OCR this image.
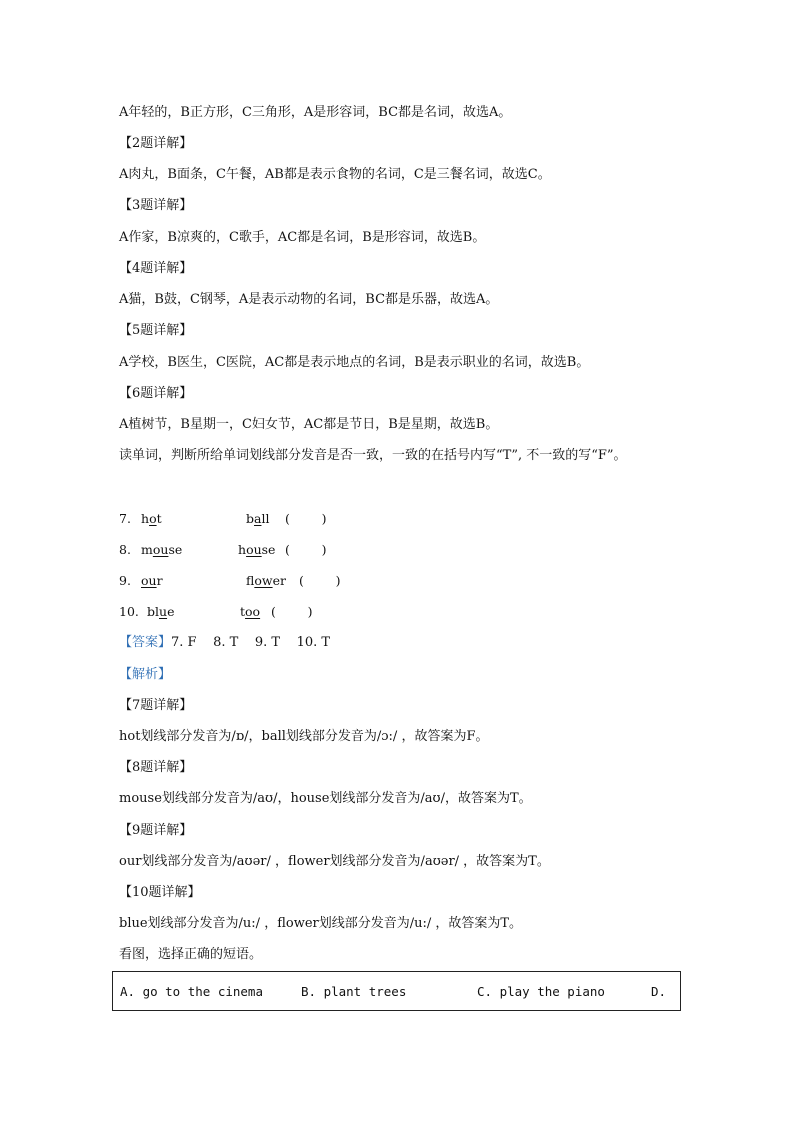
A年轻的，B正方形，C三角形，A是形容词，BC都是名词，故选A。
【2题详解】
A肉丸，B面条，C午餐，AB都是表示食物的名词，C是三餐名词，故选C。
【3题详解】
A作家，B凉爽的，C歌手，AC都是名词，B是形容词，故选B。
【4题详解】
A猫，B鼓，C钢琴，A是表示动物的名词，BC都是乐器，故选A。
【5题详解】
A学校，B医生，C医院，AC都是表示地点的名词，B是表示职业的名词，故选B。
【6题详解】
A植树节，B星期一，C妇女节，AC都是节日，B是星期，故选B。
读单词，判断所给单词划线部分发音是否一致，一致的在括号内写“T”, 不一致的写“F”。
7. hot	ball (        )
8. mouse	house (        )
9. our	flower (        )
10. blue	too (        )
【答案】7. F    8. T    9. T    10. T
【解析】
【7题详解】
hot划线部分发音为/ɒ/，ball划线部分发音为/ɔ:/ ，故答案为F。
【8题详解】
mouse划线部分发音为/aʊ/，house划线部分发音为/aʊ/，故答案为T。
【9题详解】
our划线部分发音为/aʊər/ ，flower划线部分发音为/aʊər/ ，故答案为T。
【10题详解】
blue划线部分发音为/u:/ ，flower划线部分发音为/u:/ ，故答案为T。
看图，选择正确的短语。
A. go to the cinema	B. plant trees	C. play the piano	D.
